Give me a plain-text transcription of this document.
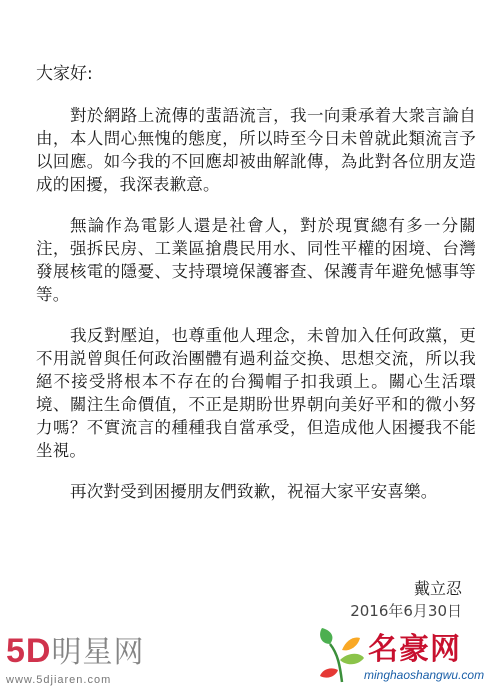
大家好:

對於網路上流傳的蜚語流言，我一向秉承着大衆言論自由，本人問心無愧的態度，所以時至今日未曾就此類流言予以回應。如今我的不回應却被曲解訛傳，為此對各位朋友造成的困擾，我深表歉意。

無論作為電影人還是社會人，對於現實總有多一分關注，强拆民房、工業區搶農民用水、同性平權的困境、台灣發展核電的隱憂、支持環境保護審查、保護青年避免憾事等等。

我反對壓迫，也尊重他人理念，未曾加入任何政黨，更不用説曾與任何政治團體有過利益交换、思想交流，所以我絕不接受將根本不存在的台獨帽子扣我頭上。關心生活環境、關注生命價值，不正是期盼世界朝向美好平和的微小努力嗎？不實流言的種種我自當承受，但造成他人困擾我不能坐視。

再次對受到困擾朋友們致歉，祝福大家平安喜樂。

戴立忍
2016年6月30日
5D明星网
www.5djiaren.com
名豪网
minghaoshangwu.com
